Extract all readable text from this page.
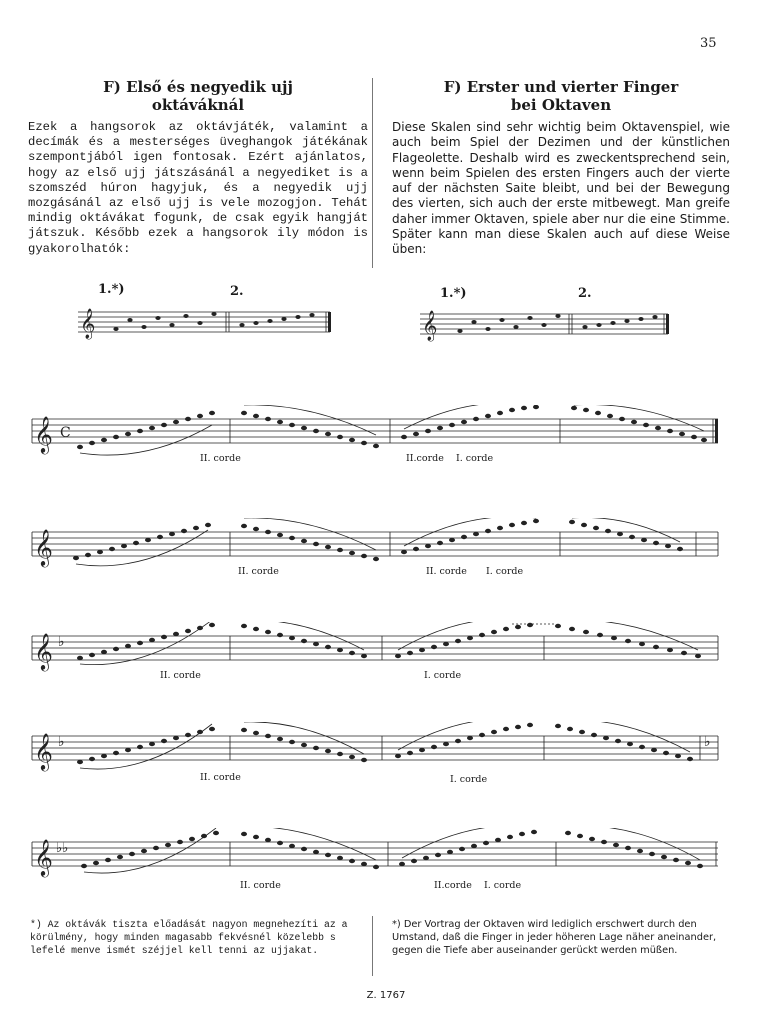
35
F) Első és negyedik ujj
oktáváknál

Ezek a hangsorok az oktávjáték, valamint a decímák és a mesterséges üveghangok játékának szempontjából igen fontosak. Ezért ajánlatos, hogy az első ujj játszásánál a negyediket is a szomszéd húron hagyjuk, és a negyedik ujj mozgásánál az első ujj is vele mozogjon. Tehát mindig oktávákat fogunk, de csak egyik hangját játszuk. Később ezek a hangsorok ily módon is gyakorolhatók:

F) Erster und vierter Finger
bei Oktaven

Diese Skalen sind sehr wichtig beim Oktavenspiel, wie auch beim Spiel der Dezimen und der künstlichen Flageolette. Deshalb wird es zweckentsprechend sein, wenn beim Spielen des ersten Fingers auch der vierte auf der nächsten Saite bleibt, und bei der Bewegung des vierten, sich auch der erste mitbewegt. Man greife daher immer Oktaven, spiele aber nur die eine Stimme. Später kann man diese Skalen auch auf diese Weise üben:

1.*)	2.	1.*)	2.
𝄞	𝄞
𝄞 C
II. corde	II.corde I. corde
𝄞
II. corde	II. corde I. corde
𝄞 ♭
II. corde	I. corde
𝄞 ♭	♭
II. corde	I. corde
𝄞 ♭♭
II. corde	II.corde I. corde
*) Az oktávák tiszta előadását nagyon megnehezíti az a körülmény, hogy minden magasabb fekvésnél közelebb s lefelé menve ismét széjjel kell tenni az ujjakat.
*) Der Vortrag der Oktaven wird lediglich erschwert durch den Umstand, daß die Finger in jeder höheren Lage näher aneinander, gegen die Tiefe aber auseinander gerückt werden müßen.
Z. 1767
